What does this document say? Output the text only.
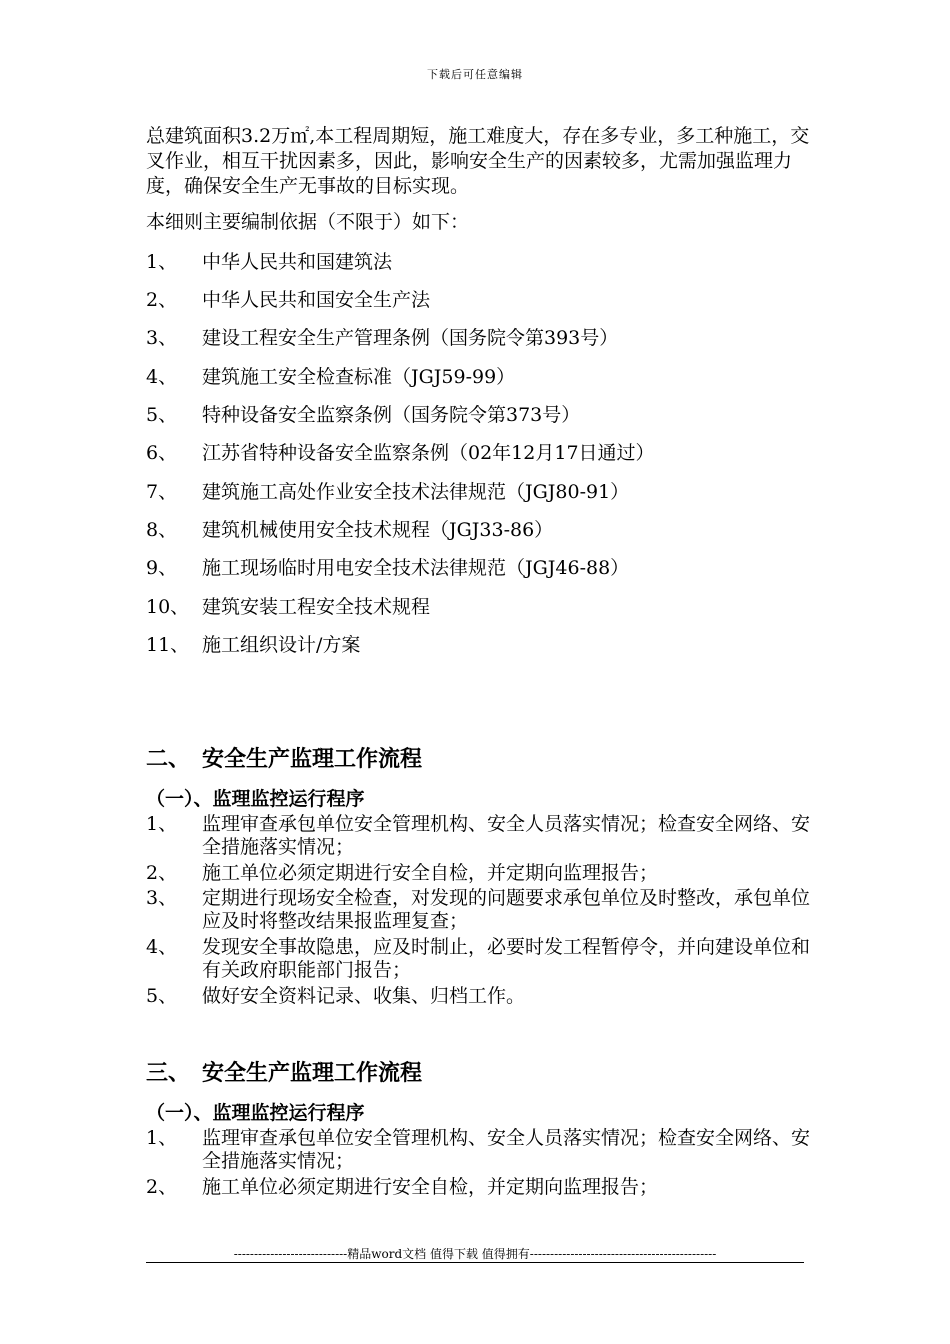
下载后可任意编辑
总建筑面积3.2万㎡,本工程周期短，施工难度大，存在多专业，多工种施工，交叉作业，相互干扰因素多，因此，影响安全生产的因素较多，尤需加强监理力度，确保安全生产无事故的目标实现。
本细则主要编制依据（不限于）如下：
1、 中华人民共和国建筑法
2、 中华人民共和国安全生产法
3、 建设工程安全生产管理条例（国务院令第393号）
4、 建筑施工安全检查标准（JGJ59-99）
5、 特种设备安全监察条例（国务院令第373号）
6、 江苏省特种设备安全监察条例（02年12月17日通过）
7、 建筑施工高处作业安全技术法律规范（JGJ80-91）
8、 建筑机械使用安全技术规程（JGJ33-86）
9、 施工现场临时用电安全技术法律规范（JGJ46-88）
10、 建筑安装工程安全技术规程
11、 施工组织设计/方案
二、 安全生产监理工作流程
（一）、监理监控运行程序
1、 监理审查承包单位安全管理机构、安全人员落实情况；检查安全网络、安全措施落实情况；
2、 施工单位必须定期进行安全自检，并定期向监理报告；
3、 定期进行现场安全检查，对发现的问题要求承包单位及时整改，承包单位应及时将整改结果报监理复查；
4、 发现安全事故隐患，应及时制止，必要时发工程暂停令，并向建设单位和有关政府职能部门报告；
5、 做好安全资料记录、收集、归档工作。
三、 安全生产监理工作流程
（一）、监理监控运行程序
1、 监理审查承包单位安全管理机构、安全人员落实情况；检查安全网络、安全措施落实情况；
2、 施工单位必须定期进行安全自检，并定期向监理报告；
----------------------------精品word文档 值得下载 值得拥有----------------------------------------------
